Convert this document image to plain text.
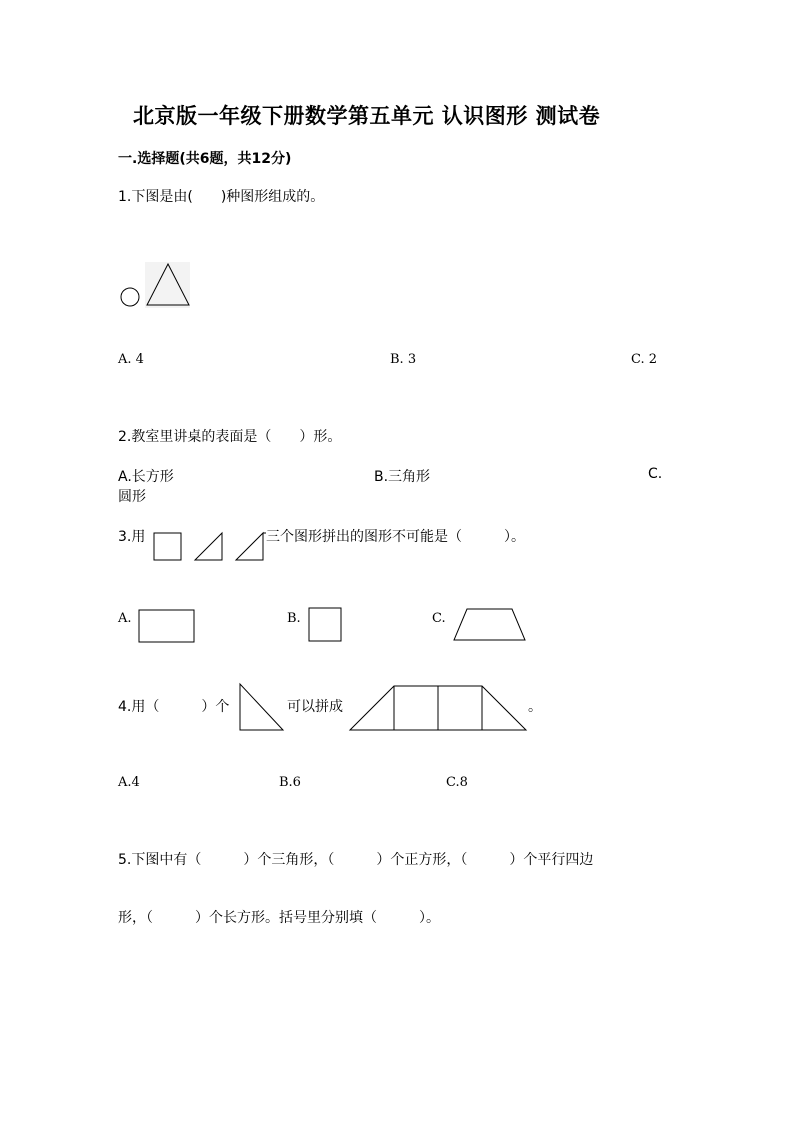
北京版一年级下册数学第五单元 认识图形 测试卷
一.选择题(共6题，共12分)
1.下图是由(　　)种图形组成的。
A. 4	B. 3	C. 2
2.教室里讲桌的表面是（　　）形。
A.长方形	B.三角形	C.
圆形
3.用	三个图形拼出的图形不可能是（　　　）。
A.	B.	C.
4.用（　　　）个	可以拼成	。
A.4	B.6	C.8
5.下图中有（　　　）个三角形，（　　　）个正方形，（　　　）个平行四边
形，（　　　）个长方形。括号里分别填（　　　）。
